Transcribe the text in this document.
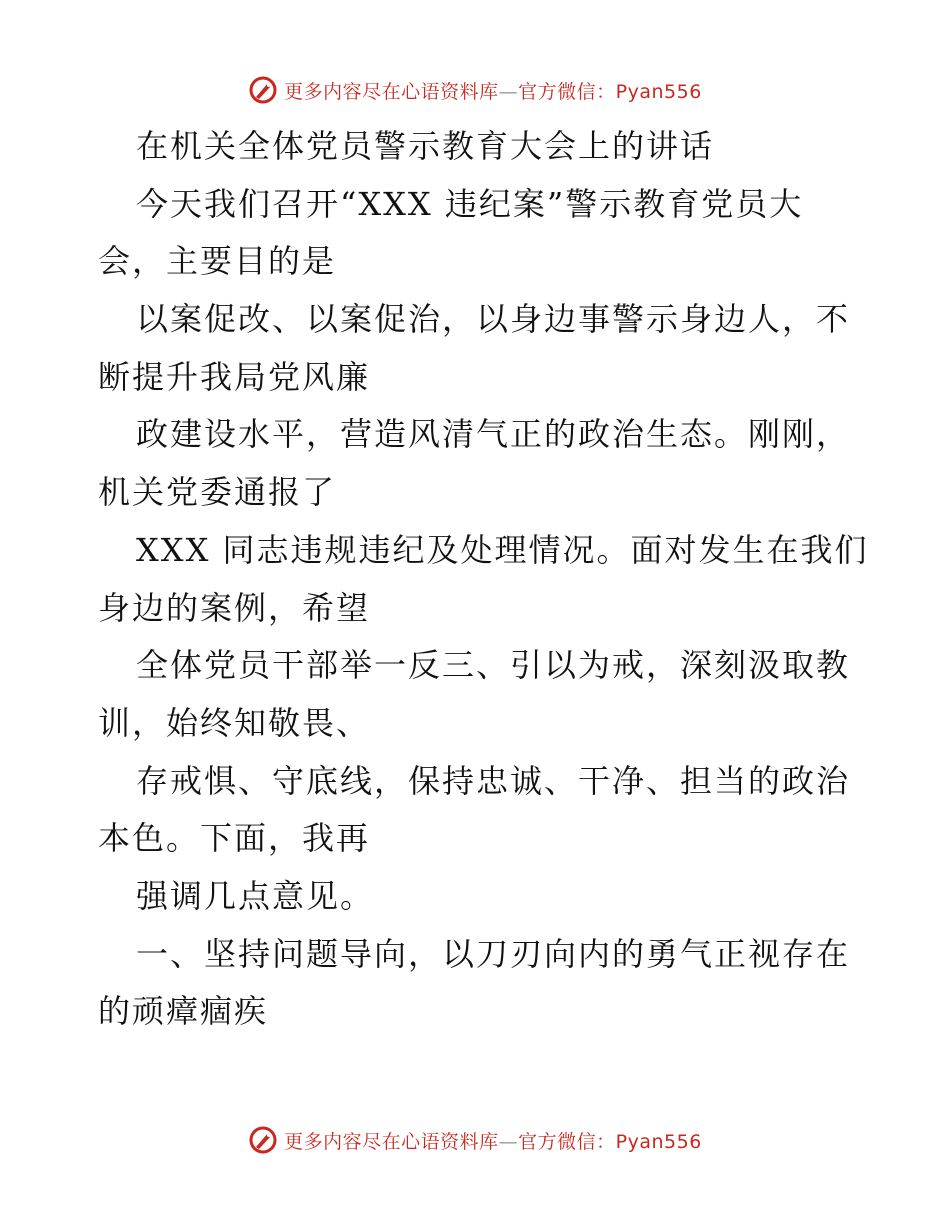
更多内容尽在心语资料库—官方微信：Pyan556
在机关全体党员警示教育大会上的讲话
今天我们召开“XXX 违纪案”警示教育党员大
会，主要目的是
以案促改、以案促治，以身边事警示身边人，不
断提升我局党风廉
政建设水平，营造风清气正的政治生态。刚刚，
机关党委通报了
XXX 同志违规违纪及处理情况。面对发生在我们
身边的案例，希望
全体党员干部举一反三、引以为戒，深刻汲取教
训，始终知敬畏、
存戒惧、守底线，保持忠诚、干净、担当的政治
本色。下面，我再
强调几点意见。
一、坚持问题导向，以刀刃向内的勇气正视存在
的顽瘴痼疾
更多内容尽在心语资料库—官方微信：Pyan556
